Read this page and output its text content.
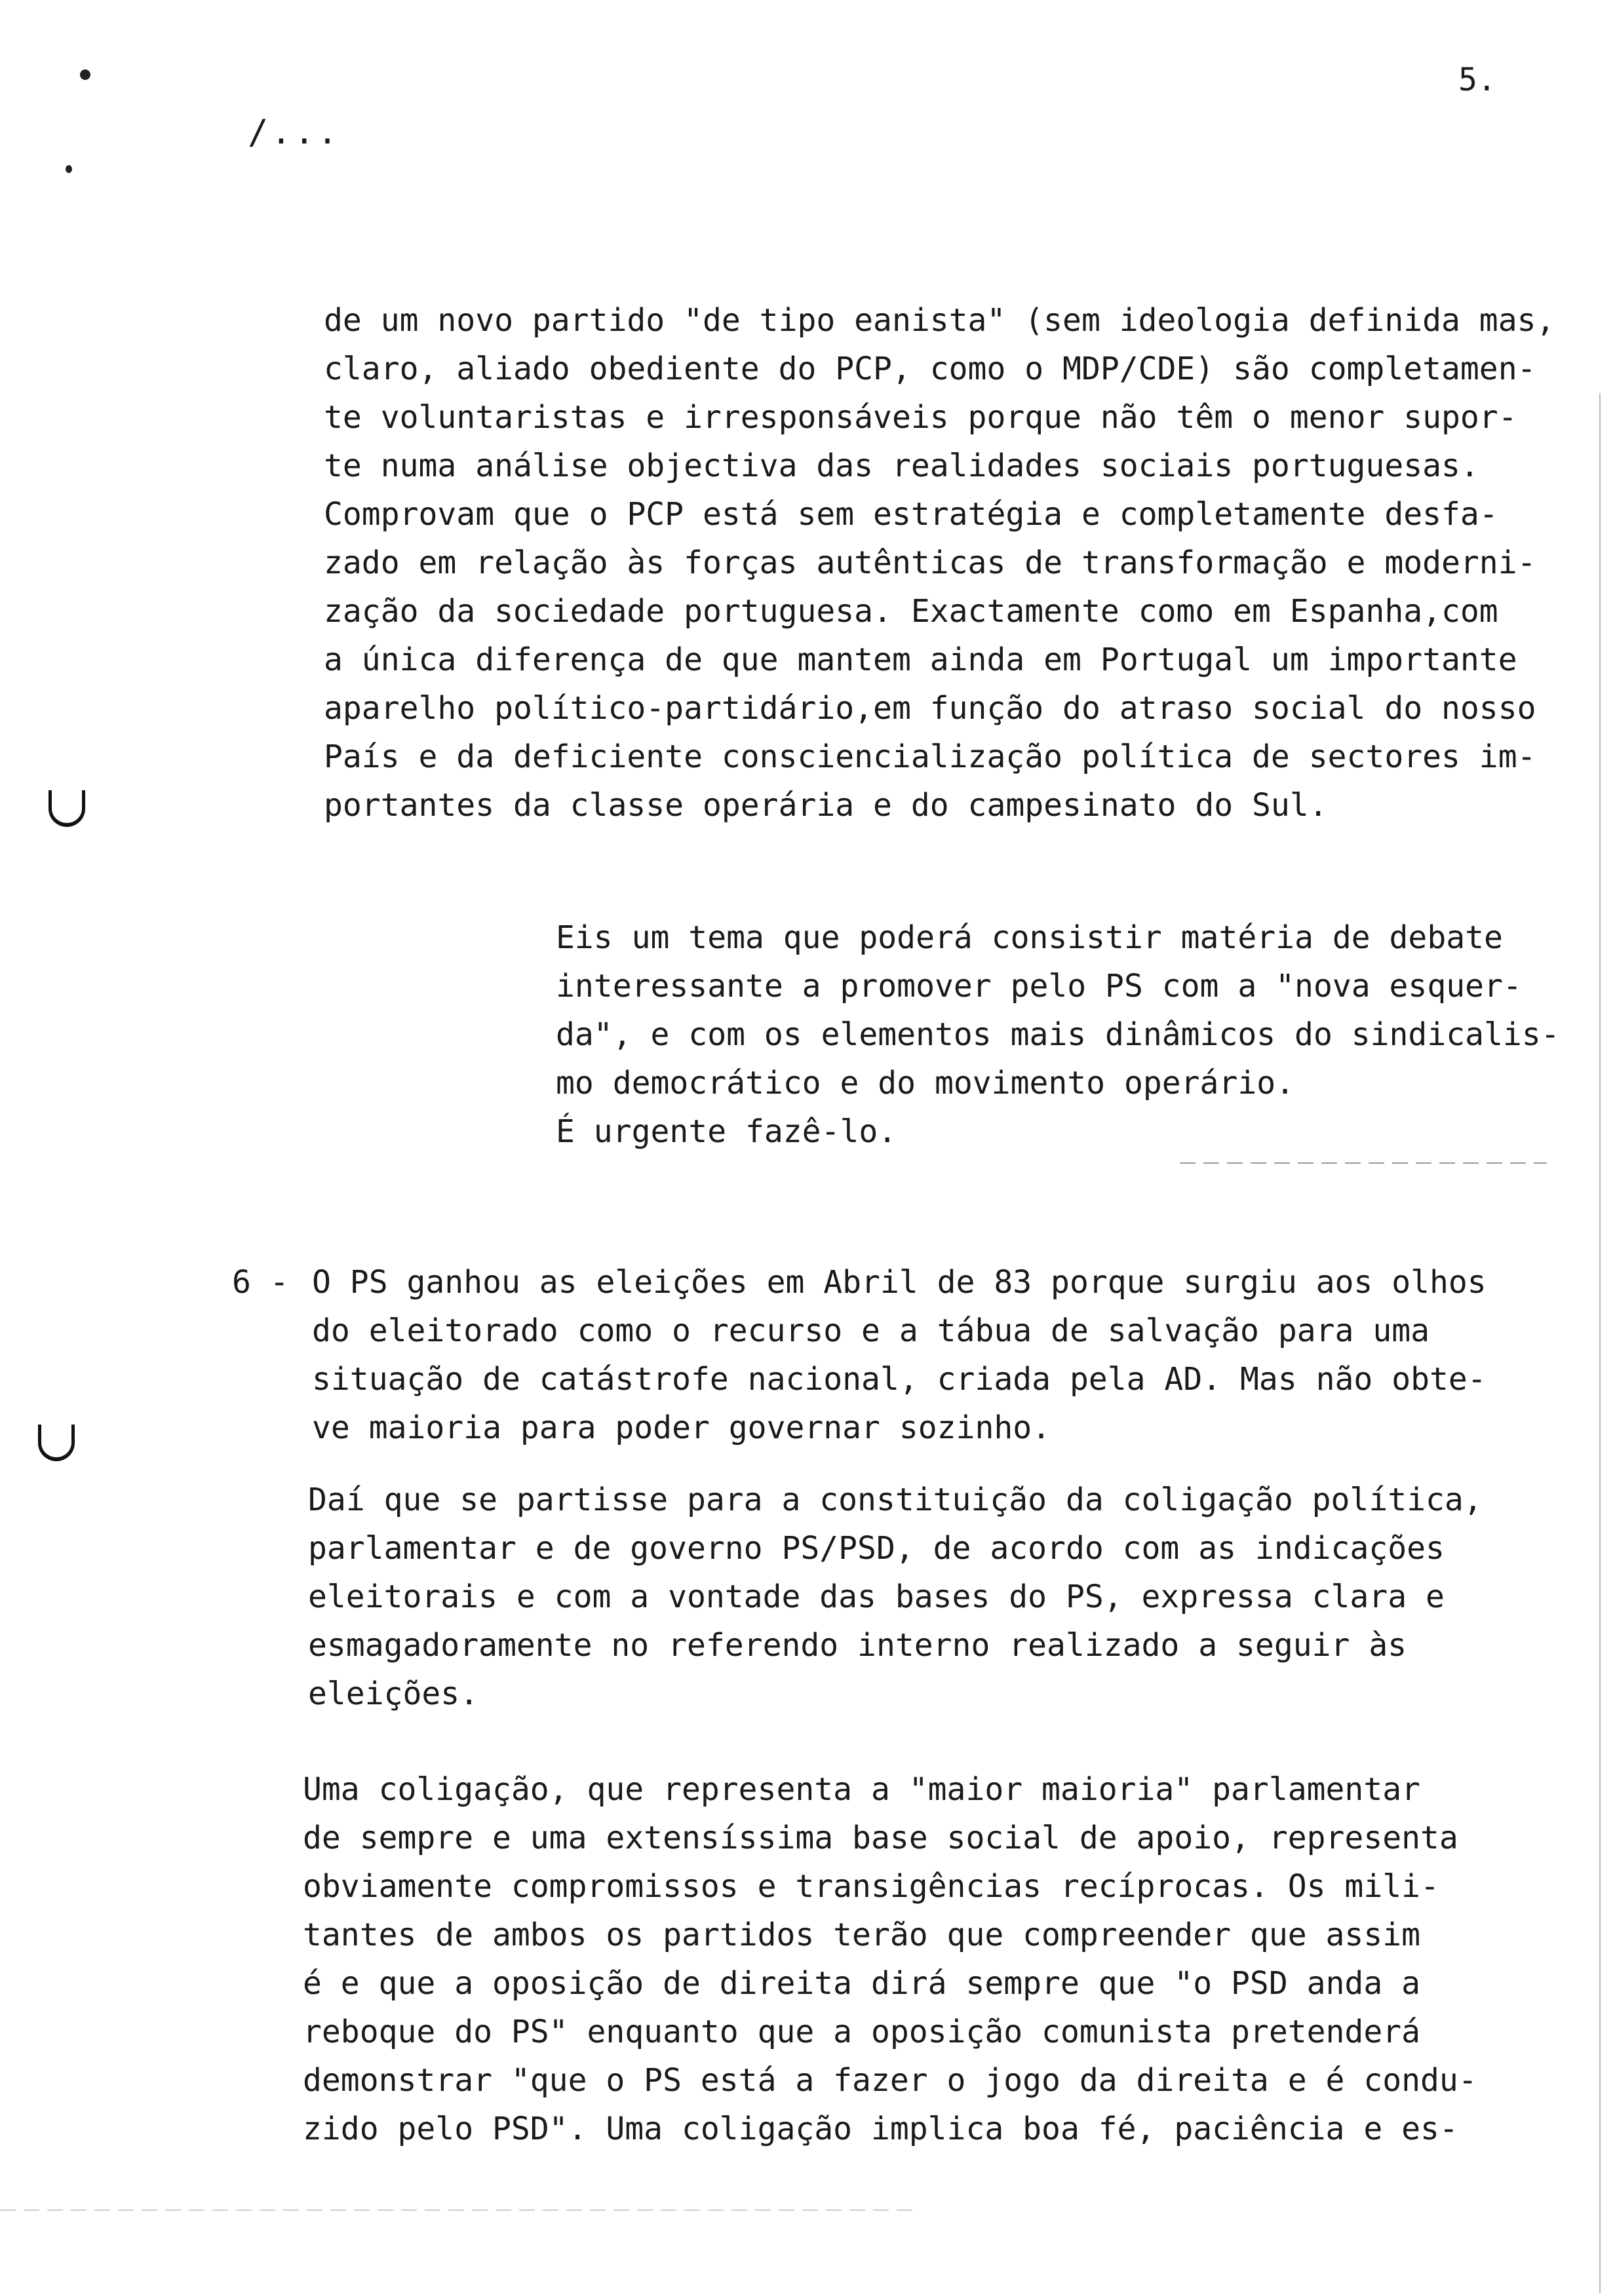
5.
/...
de um novo partido "de tipo eanista" (sem ideologia definida mas,
claro, aliado obediente do PCP, como o MDP/CDE) são completamen-
te voluntaristas e irresponsáveis porque não têm o menor supor-
te numa análise objectiva das realidades sociais portuguesas.
Comprovam que o PCP está sem estratégia e completamente desfa-
zado em relação às forças autênticas de transformação e moderni-
zação da sociedade portuguesa. Exactamente como em Espanha,com
a única diferença de que mantem ainda em Portugal um importante
aparelho político-partidário,em função do atraso social do nosso
País e da deficiente consciencialização política de sectores im-
portantes da classe operária e do campesinato do Sul.
Eis um tema que poderá consistir matéria de debate
interessante a promover pelo PS com a "nova esquer-
da", e com os elementos mais dinâmicos do sindicalis-
mo democrático e do movimento operário.
É urgente fazê-lo.
6 - O PS ganhou as eleições em Abril de 83 porque surgiu aos olhos
do eleitorado como o recurso e a tábua de salvação para uma
situação de catástrofe nacional, criada pela AD. Mas não obte-
ve maioria para poder governar sozinho.
Daí que se partisse para a constituição da coligação política,
parlamentar e de governo PS/PSD, de acordo com as indicações
eleitorais e com a vontade das bases do PS, expressa clara e
esmagadoramente no referendo interno realizado a seguir às
eleições.
Uma coligação, que representa a "maior maioria" parlamentar
de sempre e uma extensíssima base social de apoio, representa
obviamente compromissos e transigências recíprocas. Os mili-
tantes de ambos os partidos terão que compreender que assim
é e que a oposição de direita dirá sempre que "o PSD anda a
reboque do PS" enquanto que a oposição comunista pretenderá
demonstrar "que o PS está a fazer o jogo da direita e é condu-
zido pelo PSD". Uma coligação implica boa fé, paciência e es-
